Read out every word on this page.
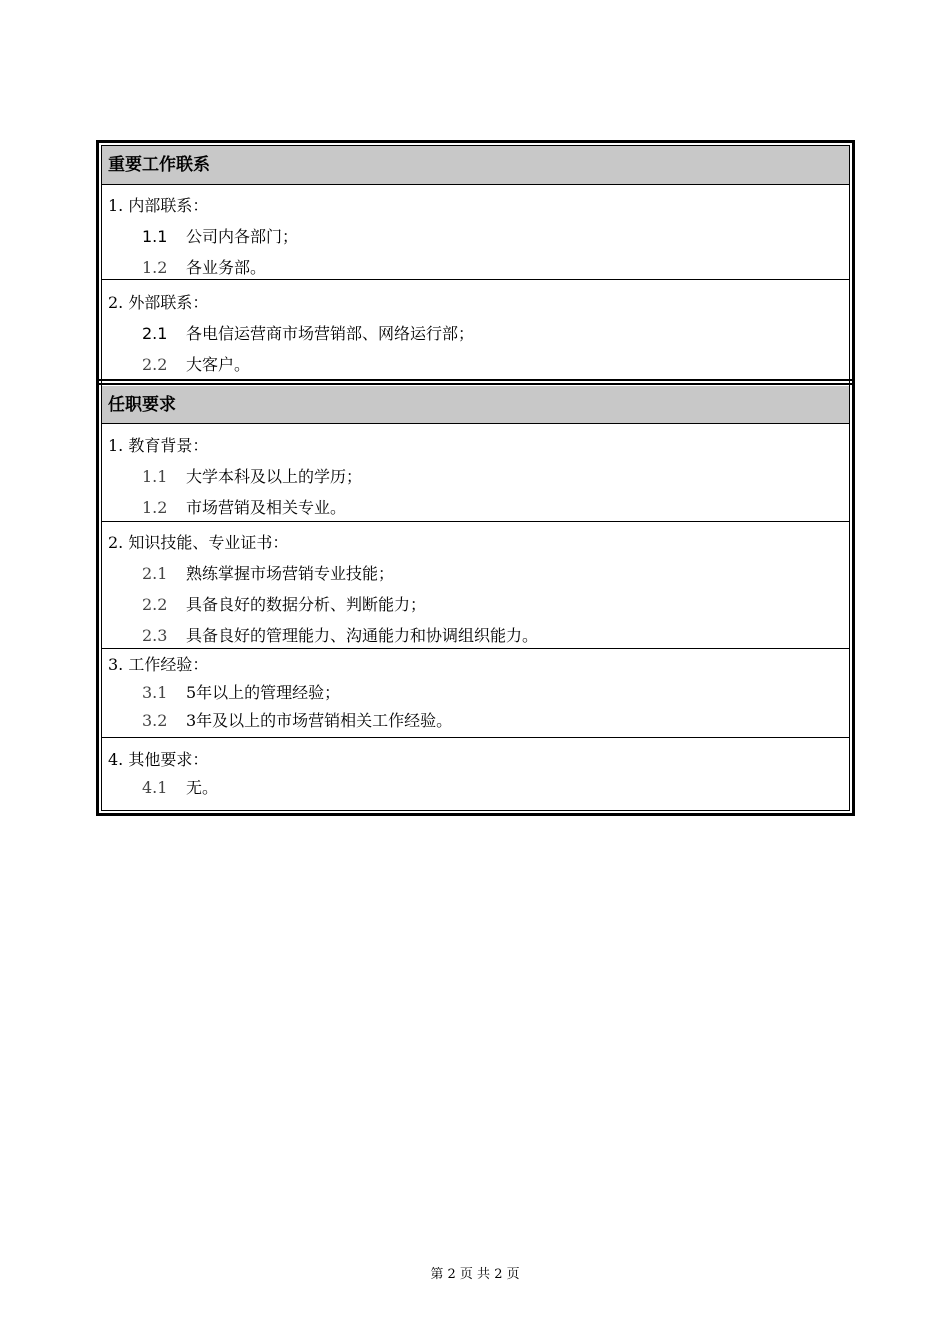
重要工作联系
1. 内部联系：
1.1 公司内各部门；
1.2 各业务部。
2. 外部联系：
2.1 各电信运营商市场营销部、网络运行部；
2.2 大客户。
任职要求
1. 教育背景：
1.1 大学本科及以上的学历；
1.2 市场营销及相关专业。
2. 知识技能、专业证书：
2.1 熟练掌握市场营销专业技能；
2.2 具备良好的数据分析、判断能力；
2.3 具备良好的管理能力、沟通能力和协调组织能力。
3. 工作经验：
3.1 5年以上的管理经验；
3.2 3年及以上的市场营销相关工作经验。
4. 其他要求：
4.1 无。
第 2 页 共 2 页
